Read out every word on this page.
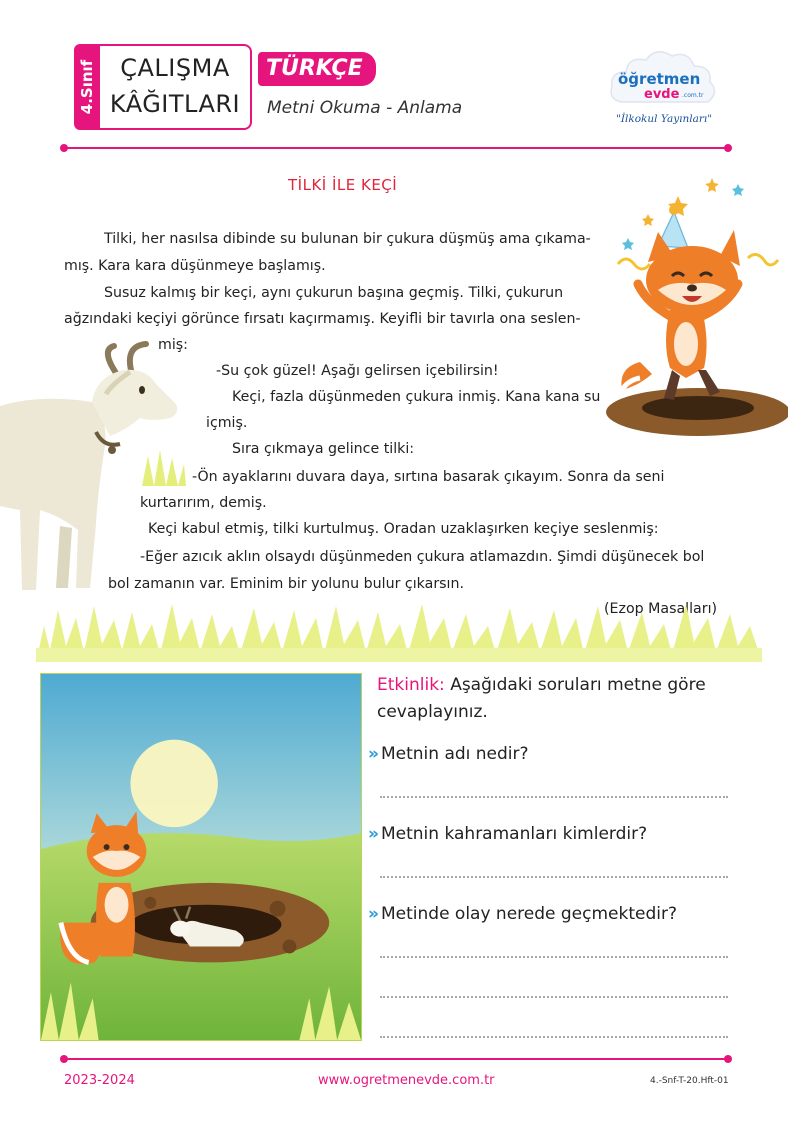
4.Sınıf	ÇALIŞMA
KÂĞITLARI
TÜRKÇE
Metni Okuma - Anlama
öğretmen
evde .com.tr
"İlkokul Yayınları"
TİLKİ İLE KEÇİ
Tilki, her nasılsa dibinde su bulunan bir çukura düşmüş ama çıkama-
mış. Kara kara düşünmeye başlamış.
Susuz kalmış bir keçi, aynı çukurun başına geçmiş. Tilki, çukurun
ağzındaki keçiyi görünce fırsatı kaçırmamış. Keyifli bir tavırla ona seslen-
miş:
-Su çok güzel! Aşağı gelirsen içebilirsin!
Keçi, fazla düşünmeden çukura inmiş. Kana kana su
içmiş.
Sıra çıkmaya gelince tilki:
-Ön ayaklarını duvara daya, sırtına basarak çıkayım. Sonra da seni
kurtarırım, demiş.
Keçi kabul etmiş, tilki kurtulmuş. Oradan uzaklaşırken keçiye seslenmiş:
-Eğer azıcık aklın olsaydı düşünmeden çukura atlamazdın. Şimdi düşünecek bol
bol zamanın var. Eminim bir yolunu bulur çıkarsın.
(Ezop Masalları)
Etkinlik: Aşağıdaki soruları metne göre cevaplayınız.
» Metnin adı nedir?
» Metnin kahramanları kimlerdir?
» Metinde olay nerede geçmektedir?
2023-2024	www.ogretmenevde.com.tr	4.-Snf-T-20.Hft-01
